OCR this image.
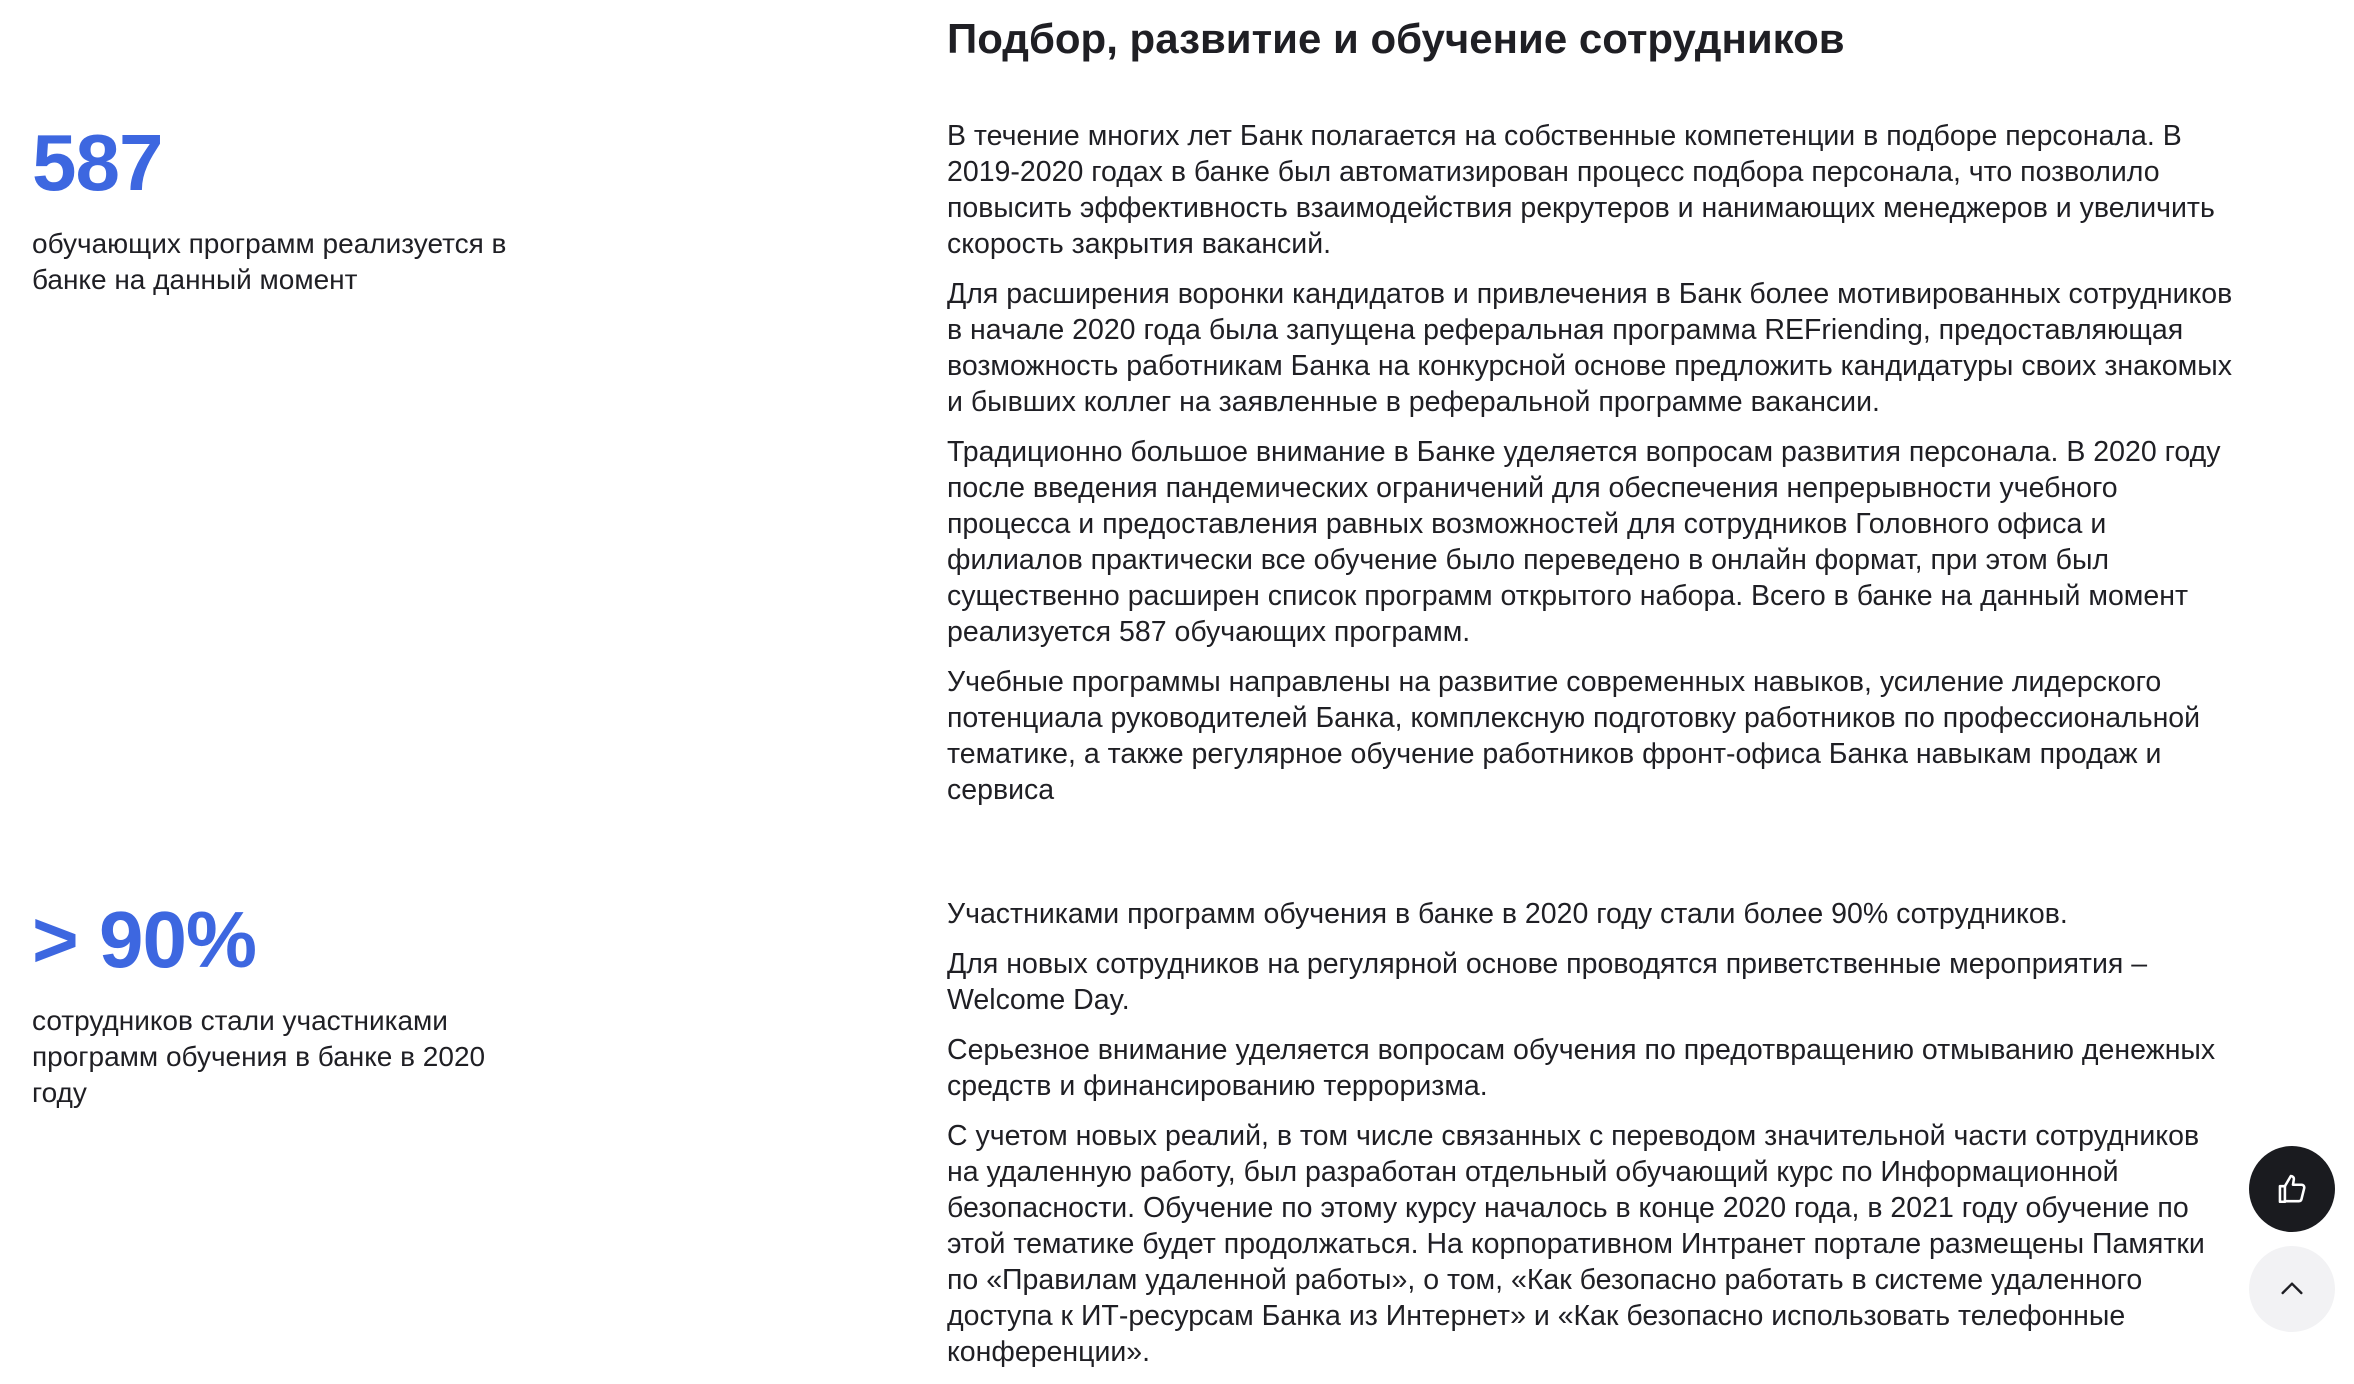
Подбор, развитие и обучение сотрудников
587
обучающих программ реализуется в банке на данный момент

В течение многих лет Банк полагается на собственные компетенции в подборе персонала. В 2019-2020 годах в банке был автоматизирован процесс подбора персонала, что позволило повысить эффективность взаимодействия рекрутеров и нанимающих менеджеров и увеличить скорость закрытия вакансий.

Для расширения воронки кандидатов и привлечения в Банк более мотивированных сотрудников в начале 2020 года была запущена реферальная программа REFriending, предоставляющая возможность работникам Банка на конкурсной основе предложить кандидатуры своих знакомых и бывших коллег на заявленные в реферальной программе вакансии.

Традиционно большое внимание в Банке уделяется вопросам развития персонала. В 2020 году после введения пандемических ограничений для обеспечения непрерывности учебного процесса и предоставления равных возможностей для сотрудников Головного офиса и филиалов практически все обучение было переведено в онлайн формат, при этом был существенно расширен список программ открытого набора. Всего в банке на данный момент реализуется 587 обучающих программ.

Учебные программы направлены на развитие современных навыков, усиление лидерского потенциала руководителей Банка, комплексную подготовку работников по профессиональной тематике, а также регулярное обучение работников фронт-офиса Банка навыкам продаж и сервиса

> 90%
сотрудников стали участниками программ обучения в банке в 2020 году

Участниками программ обучения в банке в 2020 году стали более 90% сотрудников.

Для новых сотрудников на регулярной основе проводятся приветственные мероприятия – Welcome Day.

Серьезное внимание уделяется вопросам обучения по предотвращению отмыванию денежных средств и финансированию терроризма.

С учетом новых реалий, в том числе связанных с переводом значительной части сотрудников на удаленную работу, был разработан отдельный обучающий курс по Информационной безопасности. Обучение по этому курсу началось в конце 2020 года, в 2021 году обучение по этой тематике будет продолжаться. На корпоративном Интранет портале размещены Памятки по «Правилам удаленной работы», о том, «Как безопасно работать в системе удаленного доступа к ИТ-ресурсам Банка из Интернет» и «Как безопасно использовать телефонные конференции».
